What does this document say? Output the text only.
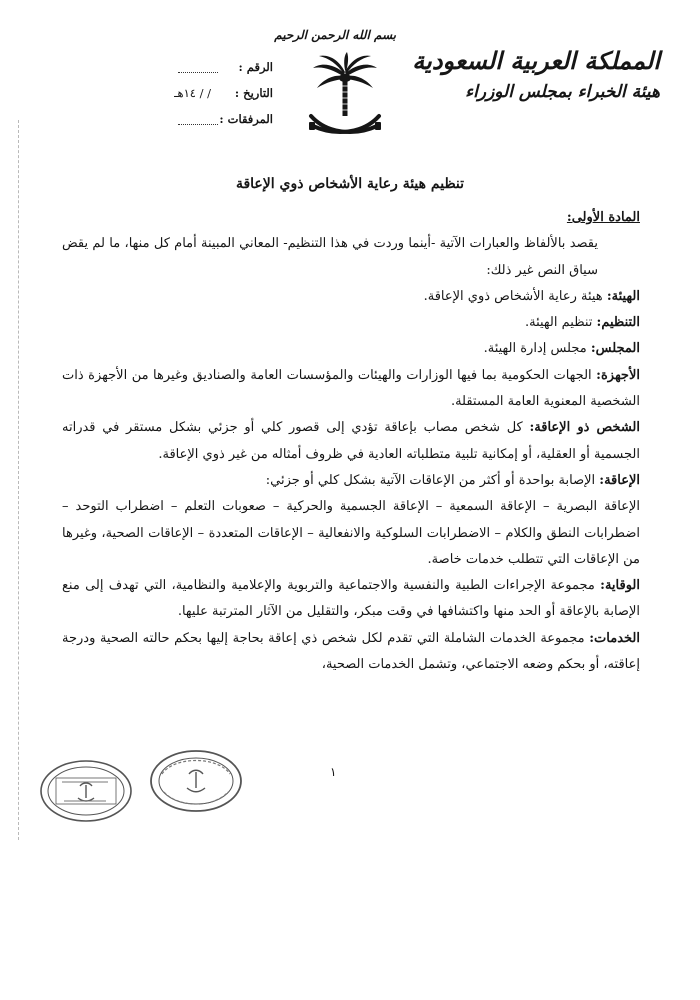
المملكة العربية السعودية
هيئة الخبراء بمجلس الوزراء
بسم الله الرحمن الرحيم
الرقم :
التاريخ :
/ / ١٤هـ
المرفقات :
تنظيم هيئة رعاية الأشخاص ذوي الإعاقة

المادة الأولى:

يقصد بالألفاظ والعبارات الآتية -أينما وردت في هذا التنظيم- المعاني المبينة أمام كل منها، ما لم يقض سياق النص غير ذلك:

الهيئة: هيئة رعاية الأشخاص ذوي الإعاقة.

التنظيم: تنظيم الهيئة.

المجلس: مجلس إدارة الهيئة.

الأجهزة: الجهات الحكومية بما فيها الوزارات والهيئات والمؤسسات العامة والصناديق وغيرها من الأجهزة ذات الشخصية المعنوية العامة المستقلة.

الشخص ذو الإعاقة: كل شخص مصاب بإعاقة تؤدي إلى قصور كلي أو جزئي بشكل مستقر في قدراته الجسمية أو العقلية، أو إمكانية تلبية متطلباته العادية في ظروف أمثاله من غير ذوي الإعاقة.

الإعاقة: الإصابة بواحدة أو أكثر من الإعاقات الآتية بشكل كلي أو جزئي:

الإعاقة البصرية – الإعاقة السمعية – الإعاقة الجسمية والحركية – صعوبات التعلم – اضطراب التوحد – اضطرابات النطق والكلام – الاضطرابات السلوكية والانفعالية – الإعاقات المتعددة – الإعاقات الصحية، وغيرها من الإعاقات التي تتطلب خدمات خاصة.

الوقاية: مجموعة الإجراءات الطبية والنفسية والاجتماعية والتربوية والإعلامية والنظامية، التي تهدف إلى منع الإصابة بالإعاقة أو الحد منها واكتشافها في وقت مبكر، والتقليل من الآثار المترتبة عليها.

الخدمات: مجموعة الخدمات الشاملة التي تقدم لكل شخص ذي إعاقة بحاجة إليها بحكم حالته الصحية ودرجة إعاقته، أو بحكم وضعه الاجتماعي، وتشمل الخدمات الصحية،

١
